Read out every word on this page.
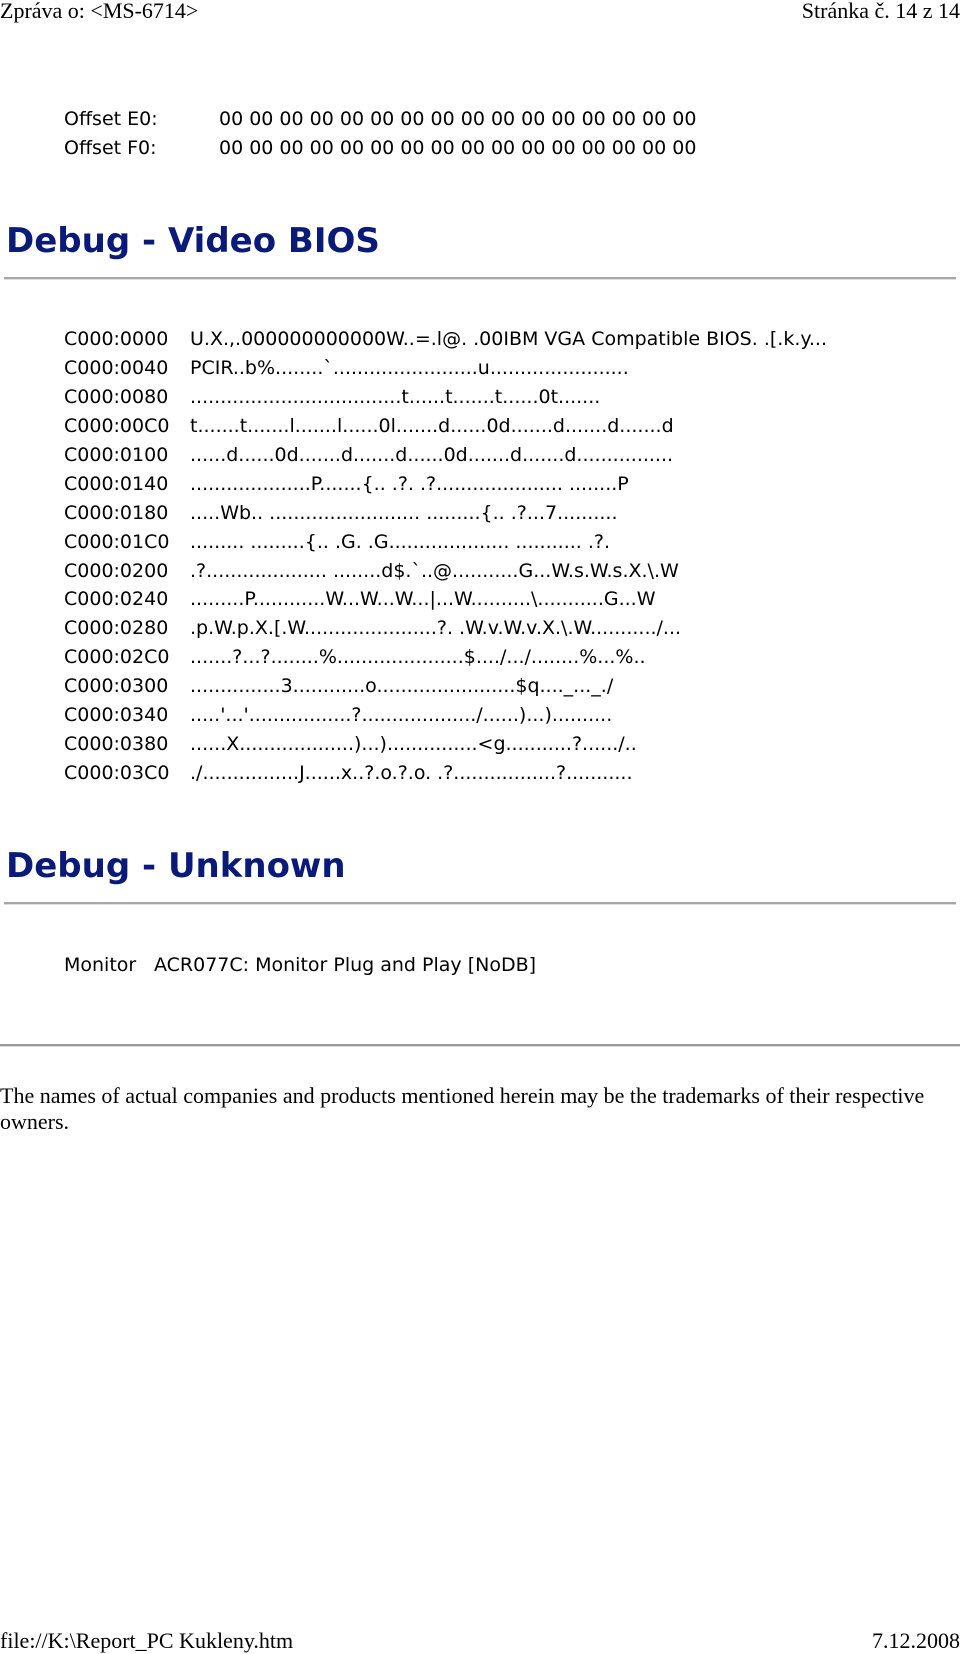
Zpráva o: <MS-6714>	Stránka č. 14 z 14
Offset E0:	00 00 00 00 00 00 00 00 00 00 00 00 00 00 00 00
Offset F0:	00 00 00 00 00 00 00 00 00 00 00 00 00 00 00 00
Debug - Video BIOS
C000:0000	U.X.,.000000000000W..=.l@. .00IBM VGA Compatible BIOS. .[.k.y...
C000:0040	PCIR..b%........`........................u.......................
C000:0080	...................................t......t.......t......0t.......
C000:00C0	t.......t.......l.......l......0l.......d......0d.......d.......d.......d
C000:0100	......d......0d.......d.......d......0d.......d.......d................
C000:0140	....................P.......{.. .?. .?..................... ........P
C000:0180	.....Wb.. ......................... .........{.. .?...7..........
C000:01C0	......... .........{.. .G. .G.................... ........... .?.
C000:0200	.?.................... ........d$.`..@...........G...W.s.W.s.X.\.W
C000:0240	.........P............W...W...W...|...W..........\...........G...W
C000:0280	.p.W.p.X.[.W......................?. .W.v.W.v.X.\.W.........../...
C000:02C0	.......?...?........%.....................$..../.../........%...%..
C000:0300	...............3............o.......................$q...._..._./
C000:0340	.....'...'.................?.................../......)...)..........
C000:0380	......X...................)...)...............<g...........?....../..
C000:03C0	./................J......x..?.o.?.o. .?.................?...........
Debug - Unknown
Monitor	ACR077C: Monitor Plug and Play [NoDB]

The names of actual companies and products mentioned herein may be the trademarks of their respective owners.

file://K:\Report_PC Kukleny.htm	7.12.2008
